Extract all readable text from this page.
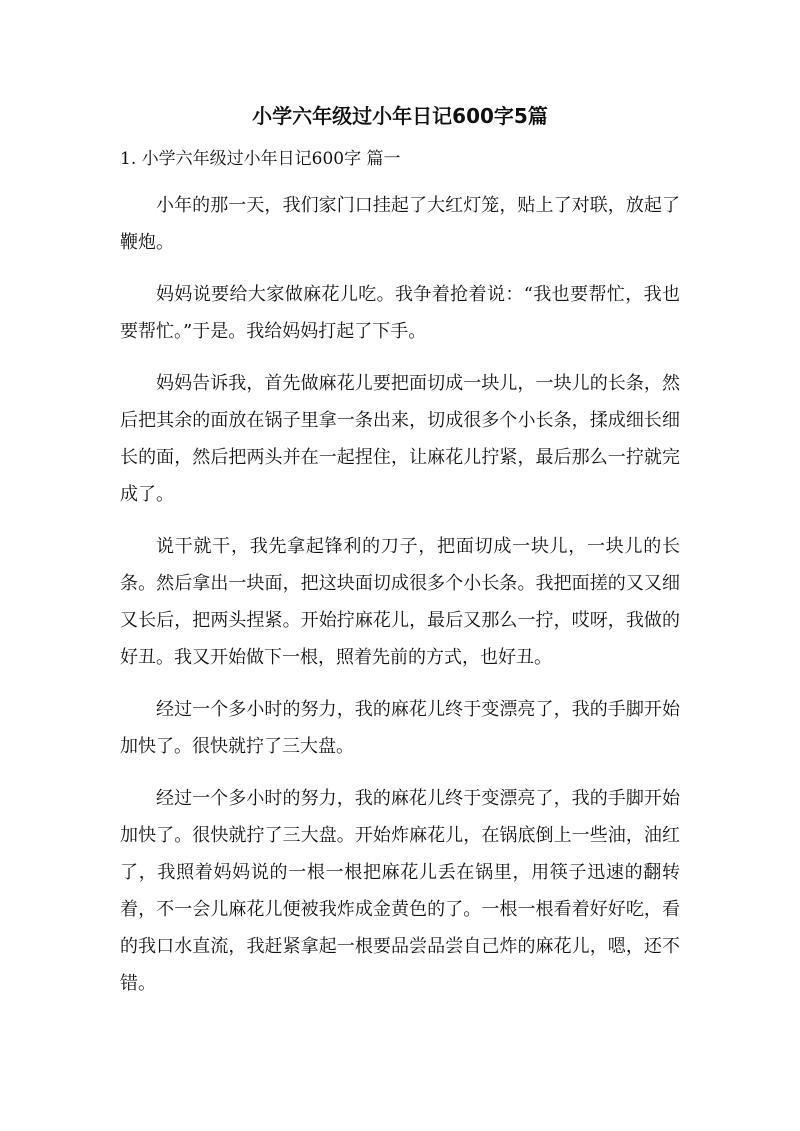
小学六年级过小年日记600字5篇

1. 小学六年级过小年日记600字 篇一

小年的那一天，我们家门口挂起了大红灯笼，贴上了对联，放起了鞭炮。

妈妈说要给大家做麻花儿吃。我争着抢着说：“我也要帮忙，我也要帮忙。”于是。我给妈妈打起了下手。

妈妈告诉我，首先做麻花儿要把面切成一块儿，一块儿的长条，然后把其余的面放在锅子里拿一条出来，切成很多个小长条，揉成细长细长的面，然后把两头并在一起捏住，让麻花儿拧紧，最后那么一拧就完成了。

说干就干，我先拿起锋利的刀子，把面切成一块儿，一块儿的长条。然后拿出一块面，把这块面切成很多个小长条。我把面搓的又又细又长后，把两头捏紧。开始拧麻花儿，最后又那么一拧，哎呀，我做的好丑。我又开始做下一根，照着先前的方式，也好丑。

经过一个多小时的努力，我的麻花儿终于变漂亮了，我的手脚开始加快了。很快就拧了三大盘。

经过一个多小时的努力，我的麻花儿终于变漂亮了，我的手脚开始加快了。很快就拧了三大盘。开始炸麻花儿，在锅底倒上一些油，油红了，我照着妈妈说的一根一根把麻花儿丢在锅里，用筷子迅速的翻转着，不一会儿麻花儿便被我炸成金黄色的了。一根一根看着好好吃，看的我口水直流，我赶紧拿起一根要品尝品尝自己炸的麻花儿，嗯，还不错。
